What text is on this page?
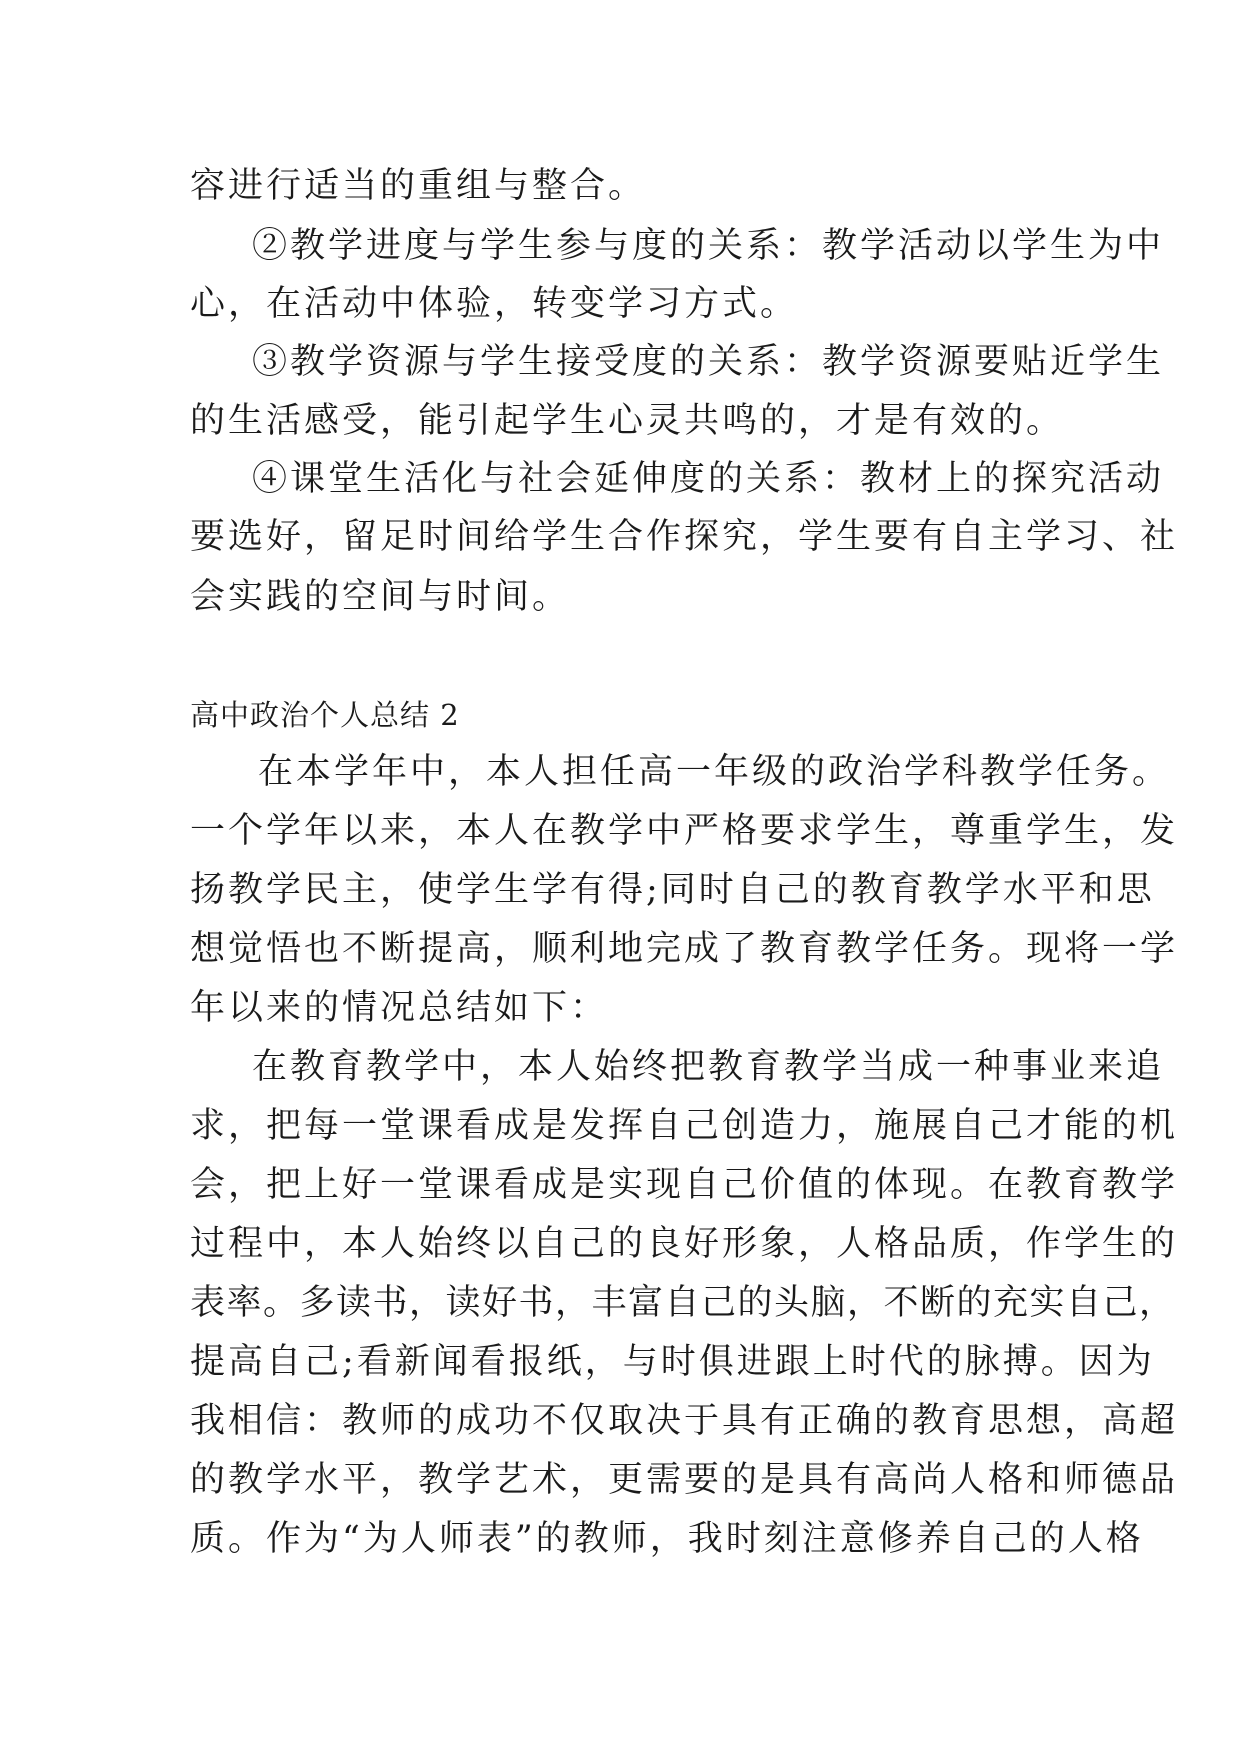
容进行适当的重组与整合。
②教学进度与学生参与度的关系：教学活动以学生为中
心，在活动中体验，转变学习方式。
③教学资源与学生接受度的关系：教学资源要贴近学生
的生活感受，能引起学生心灵共鸣的，才是有效的。
④课堂生活化与社会延伸度的关系：教材上的探究活动
要选好，留足时间给学生合作探究，学生要有自主学习、社
会实践的空间与时间。
高中政治个人总结 2
在本学年中，本人担任高一年级的政治学科教学任务。
一个学年以来，本人在教学中严格要求学生，尊重学生，发
扬教学民主，使学生学有得;同时自己的教育教学水平和思
想觉悟也不断提高，顺利地完成了教育教学任务。现将一学
年以来的情况总结如下：
在教育教学中，本人始终把教育教学当成一种事业来追
求，把每一堂课看成是发挥自己创造力，施展自己才能的机
会，把上好一堂课看成是实现自己价值的体现。在教育教学
过程中，本人始终以自己的良好形象，人格品质，作学生的
表率。多读书，读好书，丰富自己的头脑，不断的充实自己，
提高自己;看新闻看报纸，与时俱进跟上时代的脉搏。因为
我相信：教师的成功不仅取决于具有正确的教育思想，高超
的教学水平，教学艺术，更需要的是具有高尚人格和师德品
质。作为“为人师表”的教师，我时刻注意修养自己的人格
